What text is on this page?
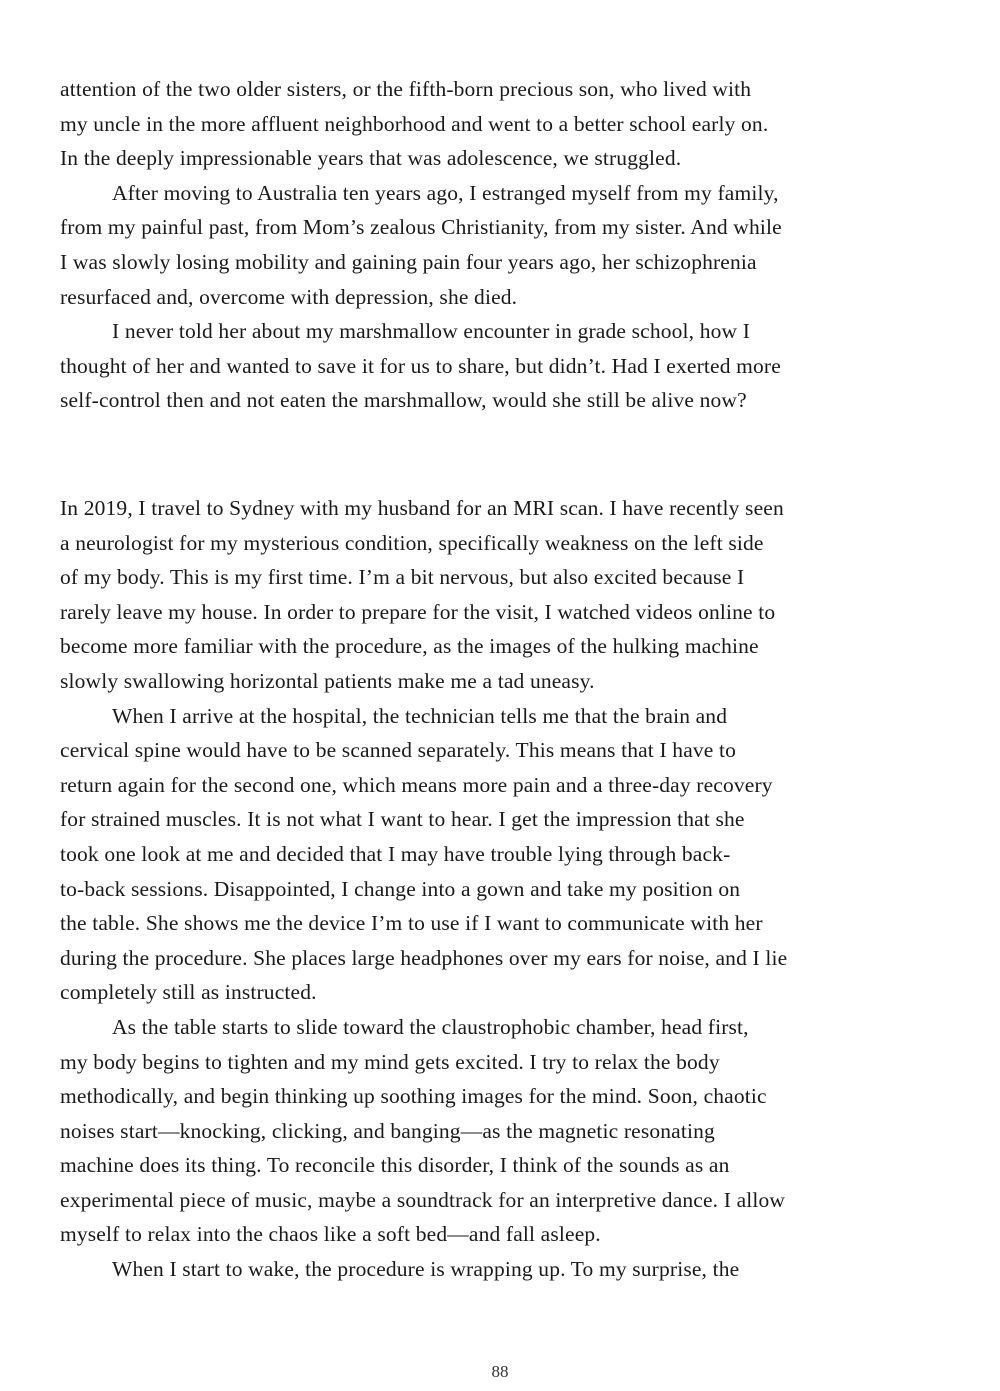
attention of the two older sisters, or the fifth-born precious son, who lived with
my uncle in the more affluent neighborhood and went to a better school early on.
In the deeply impressionable years that was adolescence, we struggled.
After moving to Australia ten years ago, I estranged myself from my family,
from my painful past, from Mom’s zealous Christianity, from my sister. And while
I was slowly losing mobility and gaining pain four years ago, her schizophrenia
resurfaced and, overcome with depression, she died.
I never told her about my marshmallow encounter in grade school, how I
thought of her and wanted to save it for us to share, but didn’t. Had I exerted more
self-control then and not eaten the marshmallow, would she still be alive now?
In 2019, I travel to Sydney with my husband for an MRI scan. I have recently seen
a neurologist for my mysterious condition, specifically weakness on the left side
of my body. This is my first time. I’m a bit nervous, but also excited because I
rarely leave my house. In order to prepare for the visit, I watched videos online to
become more familiar with the procedure, as the images of the hulking machine
slowly swallowing horizontal patients make me a tad uneasy.
When I arrive at the hospital, the technician tells me that the brain and
cervical spine would have to be scanned separately. This means that I have to
return again for the second one, which means more pain and a three-day recovery
for strained muscles. It is not what I want to hear. I get the impression that she
took one look at me and decided that I may have trouble lying through back-
to-back sessions. Disappointed, I change into a gown and take my position on
the table. She shows me the device I’m to use if I want to communicate with her
during the procedure. She places large headphones over my ears for noise, and I lie
completely still as instructed.
As the table starts to slide toward the claustrophobic chamber, head first,
my body begins to tighten and my mind gets excited. I try to relax the body
methodically, and begin thinking up soothing images for the mind. Soon, chaotic
noises start—knocking, clicking, and banging—as the magnetic resonating
machine does its thing. To reconcile this disorder, I think of the sounds as an
experimental piece of music, maybe a soundtrack for an interpretive dance. I allow
myself to relax into the chaos like a soft bed—and fall asleep.
When I start to wake, the procedure is wrapping up. To my surprise, the
88
